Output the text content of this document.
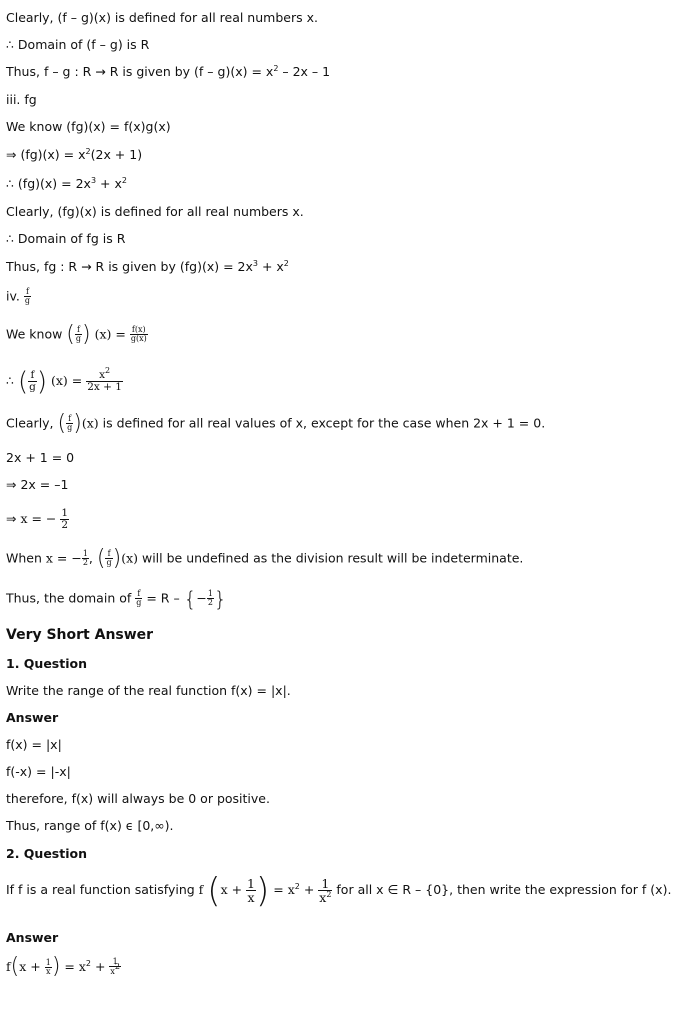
Clearly, (f – g)(x) is defined for all real numbers x.
∴ Domain of (f – g) is R
Thus, f – g : R → R is given by $(f - g)(x) = x^2 - 2x - 1$
iii. fg
We know (fg)(x) = f(x)g(x)
⇒ $(fg)(x) = x^2(2x + 1)$
∴ $(fg)(x) = 2x^3 + x^2$
Clearly, (fg)(x) is defined for all real numbers x.
∴ Domain of fg is R
Thus, fg : R → R is given by $(fg)(x) = 2x^3 + x^2$
iv. $\frac{f}{g}$
We know ( $\frac{f}{g}$ ) $(x) = \frac{f(x)}{g(x)}$
∴ ( $\frac{f}{g}$ ) $(x) = \frac{x^2}{2x + 1}$
Clearly, ( $\frac{f}{g} )(x)$ is defined for all real values of x, except for the case when 2x + 1 = 0.
2x + 1 = 0
⇒ 2x = –1
⇒ x = − $\frac{1}{2}$
When x = − $\frac{1}{2}$ , ( $\frac{f}{g} )(x)$ will be undefined as the division result will be indeterminate.
Thus, the domain of $\frac{f}{g} = R$ – {− $\frac{1}{2}$ }
Very Short Answer
1. Question
Write the range of the real function f(x) = |x|.
Answer
f(x) = |x|
f(-x) = |-x|
therefore, f(x) will always be 0 or positive.
Thus, range of f(x) ϵ [0,∞).
2. Question
If f is a real function satisfying f ($x + \frac{1}{x}$ ) = $x^2 + \frac{1}{x^2}$ for all x ∈ R – {0}, then write the expression for f (x).
Answer
$f(x + \frac{1}{x}$ ) = $x^2 + \frac{1}{x^2}$
